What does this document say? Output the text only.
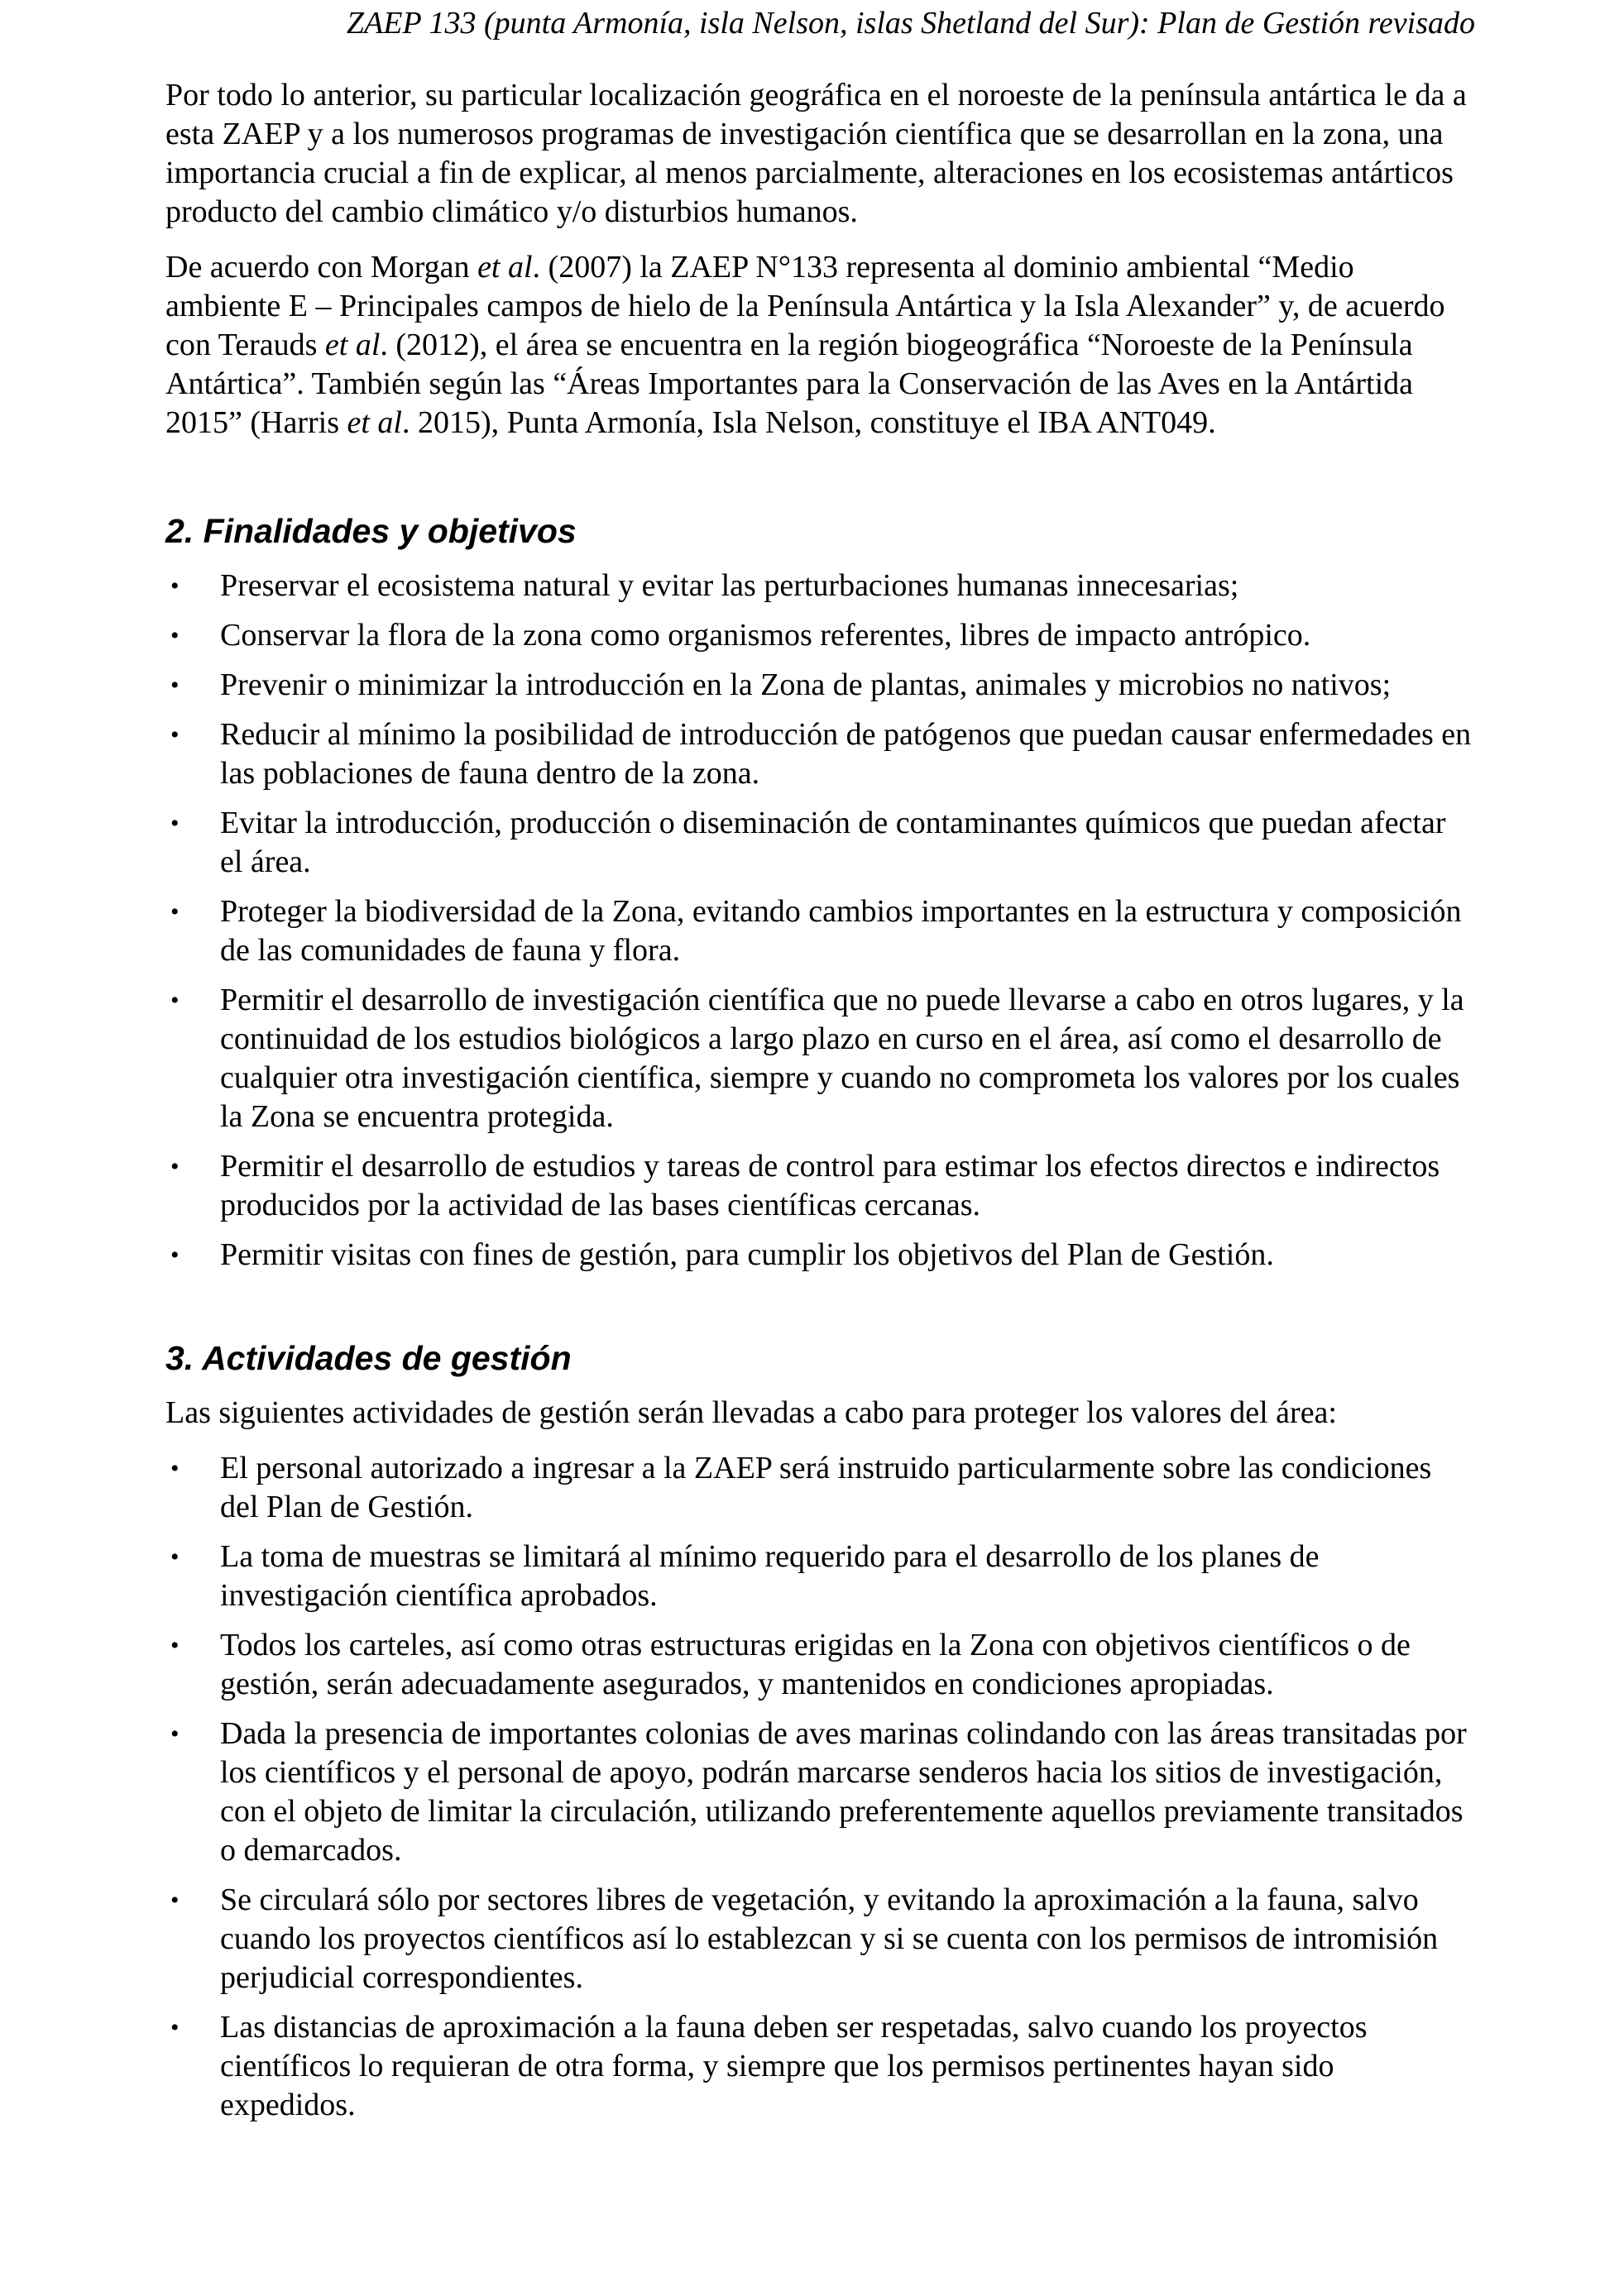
ZAEP 133 (punta Armonía, isla Nelson, islas Shetland del Sur): Plan de Gestión revisado

Por todo lo anterior, su particular localización geográfica en el noroeste de la península antártica le da a esta ZAEP y a los numerosos programas de investigación científica que se desarrollan en la zona, una importancia crucial a fin de explicar, al menos parcialmente, alteraciones en los ecosistemas antárticos producto del cambio climático y/o disturbios humanos.

De acuerdo con Morgan et al. (2007) la ZAEP N°133 representa al dominio ambiental “Medio ambiente E – Principales campos de hielo de la Península Antártica y la Isla Alexander” y, de acuerdo con Terauds et al. (2012), el área se encuentra en la región biogeográfica “Noroeste de la Península Antártica”. También según las “Áreas Importantes para la Conservación de las Aves en la Antártida 2015” (Harris et al. 2015), Punta Armonía, Isla Nelson, constituye el IBA ANT049.

2. Finalidades y objetivos
• Preservar el ecosistema natural y evitar las perturbaciones humanas innecesarias;
• Conservar la flora de la zona como organismos referentes, libres de impacto antrópico.
• Prevenir o minimizar la introducción en la Zona de plantas, animales y microbios no nativos;
• Reducir al mínimo la posibilidad de introducción de patógenos que puedan causar enfermedades en las poblaciones de fauna dentro de la zona.
• Evitar la introducción, producción o diseminación de contaminantes químicos que puedan afectar el área.
• Proteger la biodiversidad de la Zona, evitando cambios importantes en la estructura y composición de las comunidades de fauna y flora.
• Permitir el desarrollo de investigación científica que no puede llevarse a cabo en otros lugares, y la continuidad de los estudios biológicos a largo plazo en curso en el área, así como el desarrollo de cualquier otra investigación científica, siempre y cuando no comprometa los valores por los cuales la Zona se encuentra protegida.
• Permitir el desarrollo de estudios y tareas de control para estimar los efectos directos e indirectos producidos por la actividad de las bases científicas cercanas.
• Permitir visitas con fines de gestión, para cumplir los objetivos del Plan de Gestión.
3. Actividades de gestión

Las siguientes actividades de gestión serán llevadas a cabo para proteger los valores del área:

• El personal autorizado a ingresar a la ZAEP será instruido particularmente sobre las condiciones del Plan de Gestión.
• La toma de muestras se limitará al mínimo requerido para el desarrollo de los planes de investigación científica aprobados.
• Todos los carteles, así como otras estructuras erigidas en la Zona con objetivos científicos o de gestión, serán adecuadamente asegurados, y mantenidos en condiciones apropiadas.
• Dada la presencia de importantes colonias de aves marinas colindando con las áreas transitadas por los científicos y el personal de apoyo, podrán marcarse senderos hacia los sitios de investigación, con el objeto de limitar la circulación, utilizando preferentemente aquellos previamente transitados o demarcados.
• Se circulará sólo por sectores libres de vegetación, y evitando la aproximación a la fauna, salvo cuando los proyectos científicos así lo establezcan y si se cuenta con los permisos de intromisión perjudicial correspondientes.
• Las distancias de aproximación a la fauna deben ser respetadas, salvo cuando los proyectos científicos lo requieran de otra forma, y siempre que los permisos pertinentes hayan sido expedidos.
